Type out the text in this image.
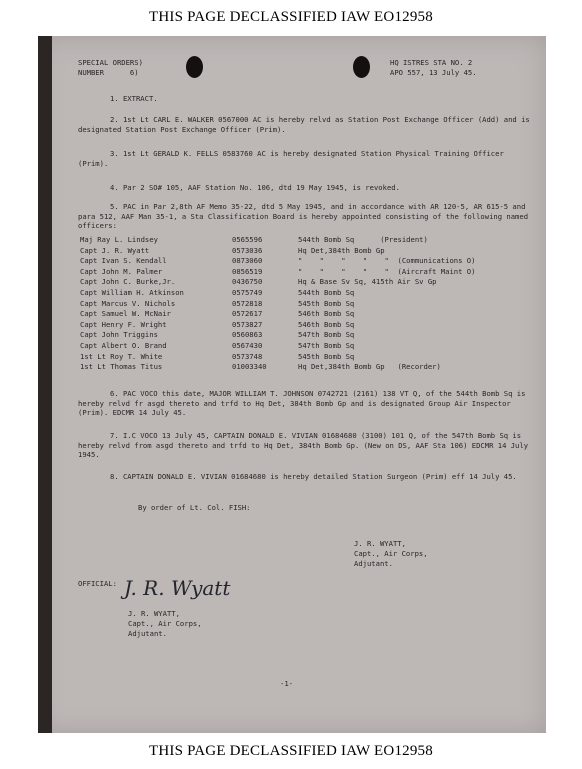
THIS PAGE DECLASSIFIED IAW EO12958
SPECIAL ORDERS)
NUMBER      6)
HQ ISTRES STA NO. 2
APO 557, 13 July 45.
1. EXTRACT.
2. 1st Lt CARL E. WALKER 0567000 AC is hereby relvd as Station Post Exchange Officer (Add) and is designated Station Post Exchange Officer (Prim).
3. 1st Lt GERALD K. FELLS 0583760 AC is hereby designated Station Physical Training Officer (Prim).
4. Par 2 SO# 105, AAF Station No. 106, dtd 19 May 1945, is revoked.
5. PAC in Par 2,8th AF Memo 35-22, dtd 5 May 1945, and in accordance with AR 120-5, AR 615-5 and para 512, AAF Man 35-1, a Sta Classification Board is hereby appointed consisting of the following named officers:
Maj Ray L. Lindsey	0565596	544th Bomb Sq      (President)
Capt J. R. Wyatt	0573036	Hq Det,384th Bomb Gp
Capt Ivan S. Kendall	0873060	"    "    "    "    "  (Communications O)
Capt John M. Palmer	0856519	"    "    "    "    "  (Aircraft Maint O)
Capt John C. Burke,Jr.	0436750	Hq & Base Sv Sq, 415th Air Sv Gp
Capt William H. Atkinson	0575749	544th Bomb Sq
Capt Marcus V. Nichols	0572818	545th Bomb Sq
Capt Samuel W. McNair	0572617	546th Bomb Sq
Capt Henry F. Wright	0573827	546th Bomb Sq
Capt John Triggins	0560863	547th Bomb Sq
Capt Albert O. Brand	0567430	547th Bomb Sq
1st Lt Roy T. White	0573748	545th Bomb Sq
1st Lt Thomas Titus	01003340	Hq Det,384th Bomb Gp   (Recorder)
6. PAC VOCO this date, MAJOR WILLIAM T. JOHNSON 0742721 (2161) 138 VT Q, of the 544th Bomb Sq is hereby relvd fr asgd thereto and trfd to Hq Det, 384th Bomb Gp and is designated Group Air Inspector (Prim). EDCMR 14 July 45.
7. I.C VOCO 13 July 45, CAPTAIN DONALD E. VIVIAN 01684680 (3100) 101 Q, of the 547th Bomb Sq is hereby relvd from asgd thereto and trfd to Hq Det, 384th Bomb Gp. (New on DS, AAF Sta 106) EDCMR 14 July 1945.
8. CAPTAIN DONALD E. VIVIAN 01684680 is hereby detailed Station Surgeon (Prim) eff 14 July 45.
By order of Lt. Col. FISH:
J. R. WYATT,
Capt., Air Corps,
Adjutant.
OFFICIAL: J. R. Wyatt
J. R. WYATT,
Capt., Air Corps,
Adjutant.
-1-
THIS PAGE DECLASSIFIED IAW EO12958
